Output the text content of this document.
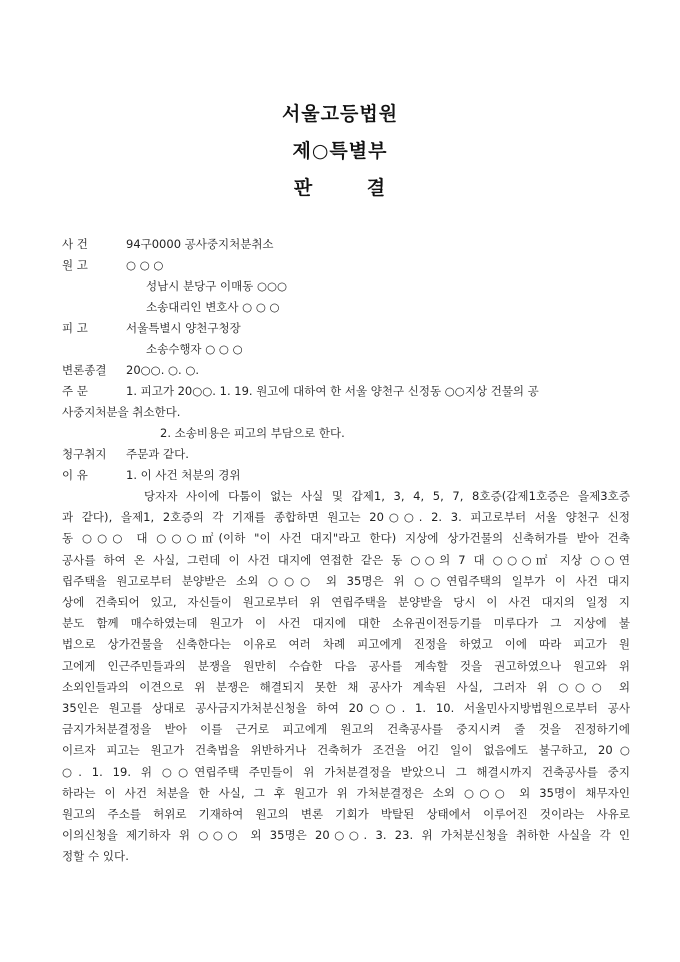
서울고등법원
제○특별부
판 결
사 건	94구0000 공사중지처분취소
원 고	○ ○ ○
성남시 분당구 이매동 ○○○
소송대리인 변호사 ○ ○ ○
피 고	서울특별시 양천구청장
소송수행자 ○ ○ ○
변론종결 20○○. ○. ○.
주 문	1. 피고가 20○○. 1. 19. 원고에 대하여 한 서울 양천구 신정동 ○○지상 건물의 공
사중지처분을 취소한다.
2. 소송비용은 피고의 부담으로 한다.
청구취지 주문과 같다.
이 유	1. 이 사건 처분의 경위
당자자 사이에 다툼이 없는 사실 및 갑제1, 3, 4, 5, 7, 8호증(갑제1호증은 을제3호증
과 같다), 을제1, 2호증의 각 기재를 종합하면 원고는 20○○. 2. 3. 피고로부터 서울 양천구 신정
동 ○○○ 대 ○○○㎡(이하 "이 사건 대지"라고 한다) 지상에 상가건물의 신축허가를 받아 건축
공사를 하여 온 사실, 그런데 이 사건 대지에 연접한 같은 동 ○○의 7 대 ○○○㎡ 지상 ○○연
립주택을 원고로부터 분양받은 소외 ○○○ 외 35명은 위 ○○연립주택의 일부가 이 사건 대지
상에 건축되어 있고, 자신들이 원고로부터 위 연립주택을 분양받을 당시 이 사건 대지의 일정 지
분도 함께 매수하였는데 원고가 이 사건 대지에 대한 소유권이전등기를 미루다가 그 지상에 불
법으로 상가건물을 신축한다는 이유로 여러 차례 피고에게 진정을 하였고 이에 따라 피고가 원
고에게 인근주민들과의 분쟁을 원만히 수습한 다음 공사를 계속할 것을 권고하였으나 원고와 위
소외인들과의 이견으로 위 분쟁은 해결되지 못한 채 공사가 계속된 사실, 그러자 위 ○○○ 외
35인은 원고를 상대로 공사금지가처분신청을 하여 20○○. 1. 10. 서울민사지방법원으로부터 공사
금지가처분결정을 받아 이를 근거로 피고에게 원고의 건축공사를 중지시켜 줄 것을 진정하기에
이르자 피고는 원고가 건축법을 위반하거나 건축허가 조건을 어긴 일이 없음에도 불구하고, 20○
○. 1. 19. 위 ○○연립주택 주민들이 위 가처분결정을 받았으니 그 해결시까지 건축공사를 중지
하라는 이 사건 처분을 한 사실, 그 후 원고가 위 가처분결정은 소외 ○○○ 외 35명이 채무자인
원고의 주소를 허위로 기재하여 원고의 변론 기회가 박탈된 상태에서 이루어진 것이라는 사유로
이의신청을 제기하자 위 ○○○ 외 35명은 20○○. 3. 23. 위 가처분신청을 취하한 사실을 각 인
정할 수 있다.
